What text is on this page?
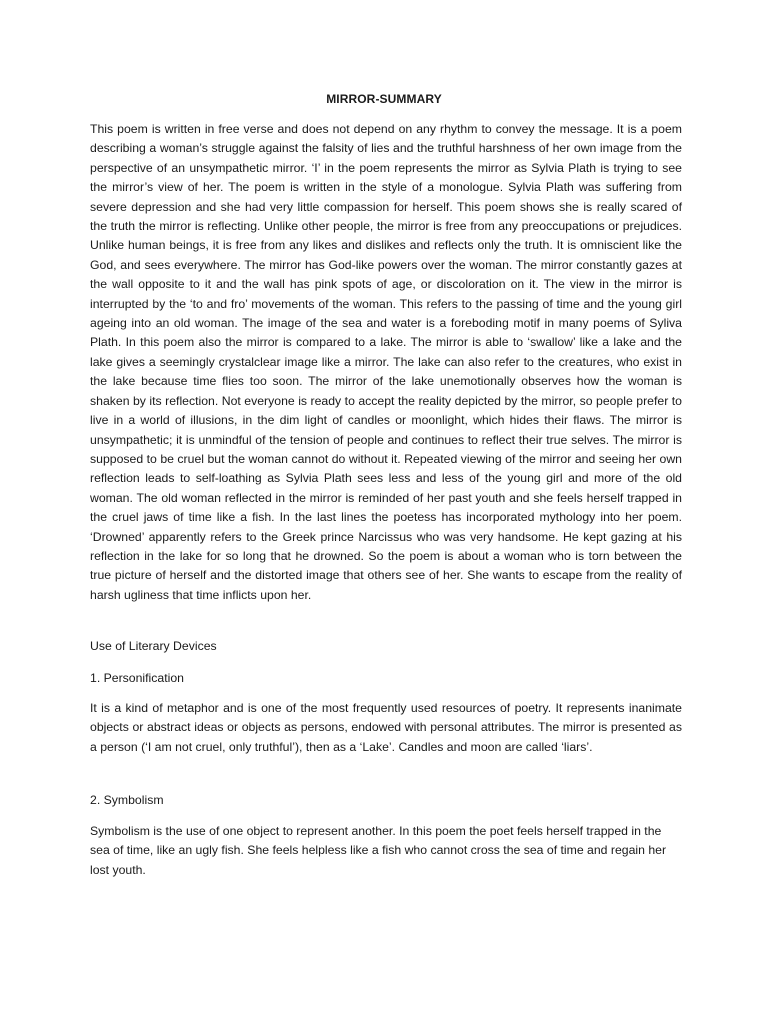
MIRROR-SUMMARY

This poem is written in free verse and does not depend on any rhythm to convey the message. It is a poem describing a woman’s struggle against the falsity of lies and the truthful harshness of her own image from the perspective of an unsympathetic mirror. ‘I’ in the poem represents the mirror as Sylvia Plath is trying to see the mirror’s view of her. The poem is written in the style of a monologue. Sylvia Plath was suffering from severe depression and she had very little compassion for herself. This poem shows she is really scared of the truth the mirror is reflecting. Unlike other people, the mirror is free from any preoccupations or prejudices. Unlike human beings, it is free from any likes and dislikes and reflects only the truth. It is omniscient like the God, and sees everywhere. The mirror has God-like powers over the woman. The mirror constantly gazes at the wall opposite to it and the wall has pink spots of age, or discoloration on it. The view in the mirror is interrupted by the ‘to and fro’ movements of the woman. This refers to the passing of time and the young girl ageing into an old woman. The image of the sea and water is a foreboding motif in many poems of Syliva Plath. In this poem also the mirror is compared to a lake. The mirror is able to ‘swallow’ like a lake and the lake gives a seemingly crystalclear image like a mirror. The lake can also refer to the creatures, who exist in the lake because time flies too soon. The mirror of the lake unemotionally observes how the woman is shaken by its reflection. Not everyone is ready to accept the reality depicted by the mirror, so people prefer to live in a world of illusions, in the dim light of candles or moonlight, which hides their flaws. The mirror is unsympathetic; it is unmindful of the tension of people and continues to reflect their true selves. The mirror is supposed to be cruel but the woman cannot do without it. Repeated viewing of the mirror and seeing her own reflection leads to self-loathing as Sylvia Plath sees less and less of the young girl and more of the old woman. The old woman reflected in the mirror is reminded of her past youth and she feels herself trapped in the cruel jaws of time like a fish. In the last lines the poetess has incorporated mythology into her poem. ‘Drowned’ apparently refers to the Greek prince Narcissus who was very handsome. He kept gazing at his reflection in the lake for so long that he drowned. So the poem is about a woman who is torn between the true picture of herself and the distorted image that others see of her. She wants to escape from the reality of harsh ugliness that time inflicts upon her.

Use of Literary Devices

1. Personification

It is a kind of metaphor and is one of the most frequently used resources of poetry. It represents inanimate objects or abstract ideas or objects as persons, endowed with personal attributes. The mirror is presented as a person (‘I am not cruel, only truthful’), then as a ‘Lake’. Candles and moon are called ‘liars’.

2. Symbolism

Symbolism is the use of one object to represent another. In this poem the poet feels herself trapped in the sea of time, like an ugly fish. She feels helpless like a fish who cannot cross the sea of time and regain her lost youth.
